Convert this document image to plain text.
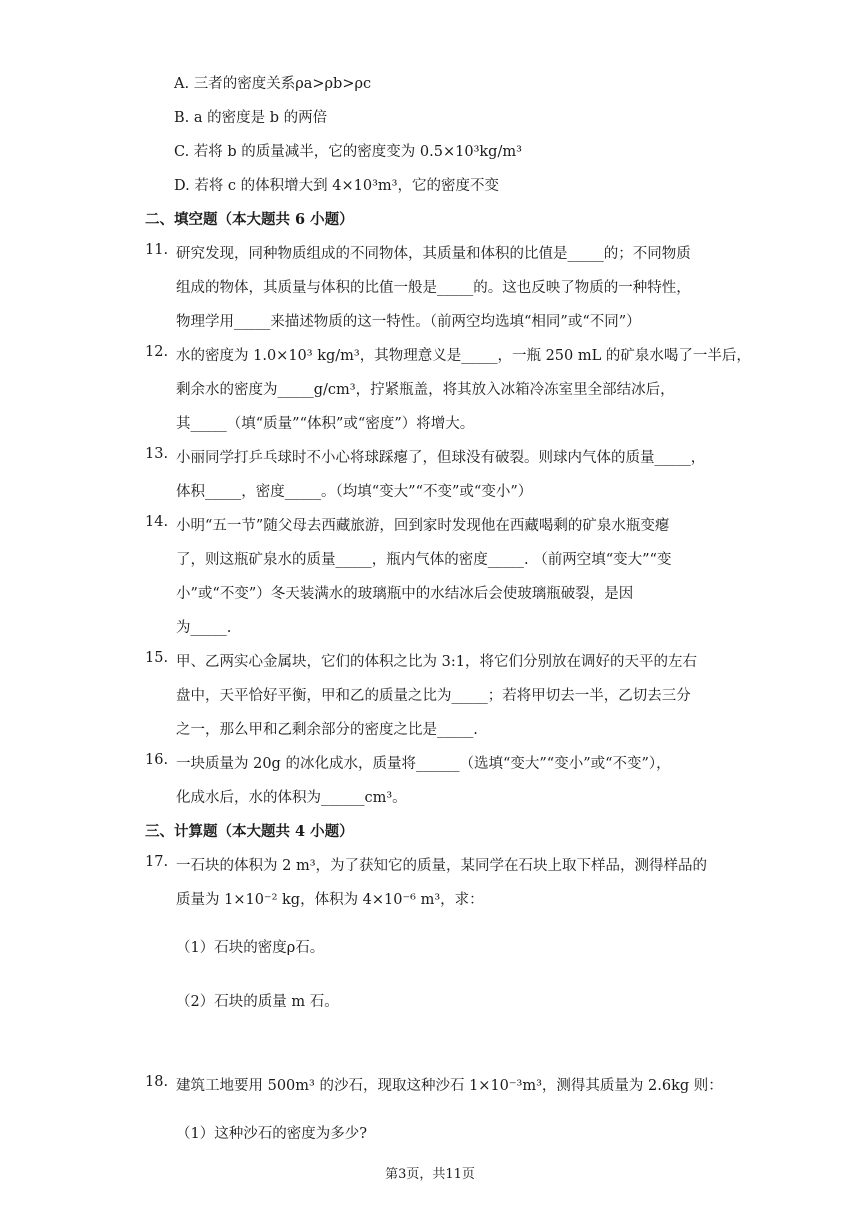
A. 三者的密度关系ρa>ρb>ρc
B. a 的密度是 b 的两倍
C. 若将 b 的质量减半，它的密度变为 0.5×10³kg/m³
D. 若将 c 的体积增大到 4×10³m³，它的密度不变
二、填空题（本大题共 6 小题）
11. 研究发现，同种物质组成的不同物体，其质量和体积的比值是_____的；不同物质
组成的物体，其质量与体积的比值一般是_____的。这也反映了物质的一种特性，
物理学用_____来描述物质的这一特性。（前两空均选填“相同”或“不同”）
12. 水的密度为 1.0×10³ kg/m³，其物理意义是_____，一瓶 250 mL 的矿泉水喝了一半后，
剩余水的密度为_____g/cm³，拧紧瓶盖，将其放入冰箱冷冻室里全部结冰后，
其_____（填“质量”“体积”或“密度”）将增大。
13. 小丽同学打乒乓球时不小心将球踩瘪了，但球没有破裂。则球内气体的质量_____，
体积_____，密度_____。（均填“变大”“不变”或“变小”）
14. 小明“五一节”随父母去西藏旅游，回到家时发现他在西藏喝剩的矿泉水瓶变瘪
了，则这瓶矿泉水的质量_____，瓶内气体的密度_____. （前两空填“变大”“变
小”或“不变”）冬天装满水的玻璃瓶中的水结冰后会使玻璃瓶破裂，是因
为_____.
15. 甲、乙两实心金属块，它们的体积之比为 3:1，将它们分别放在调好的天平的左右
盘中，天平恰好平衡，甲和乙的质量之比为_____；若将甲切去一半，乙切去三分
之一，那么甲和乙剩余部分的密度之比是_____.
16. 一块质量为 20g 的冰化成水，质量将______（选填“变大”“变小”或“不变”），
化成水后，水的体积为______cm³。
三、计算题（本大题共 4 小题）
17. 一石块的体积为 2 m³，为了获知它的质量，某同学在石块上取下样品，测得样品的
质量为 1×10⁻² kg，体积为 4×10⁻⁶ m³，求：
（1）石块的密度ρ石。
（2）石块的质量 m 石。
18. 建筑工地要用 500m³ 的沙石，现取这种沙石 1×10⁻³m³，测得其质量为 2.6kg 则：
（1）这种沙石的密度为多少?
第3页，共11页
